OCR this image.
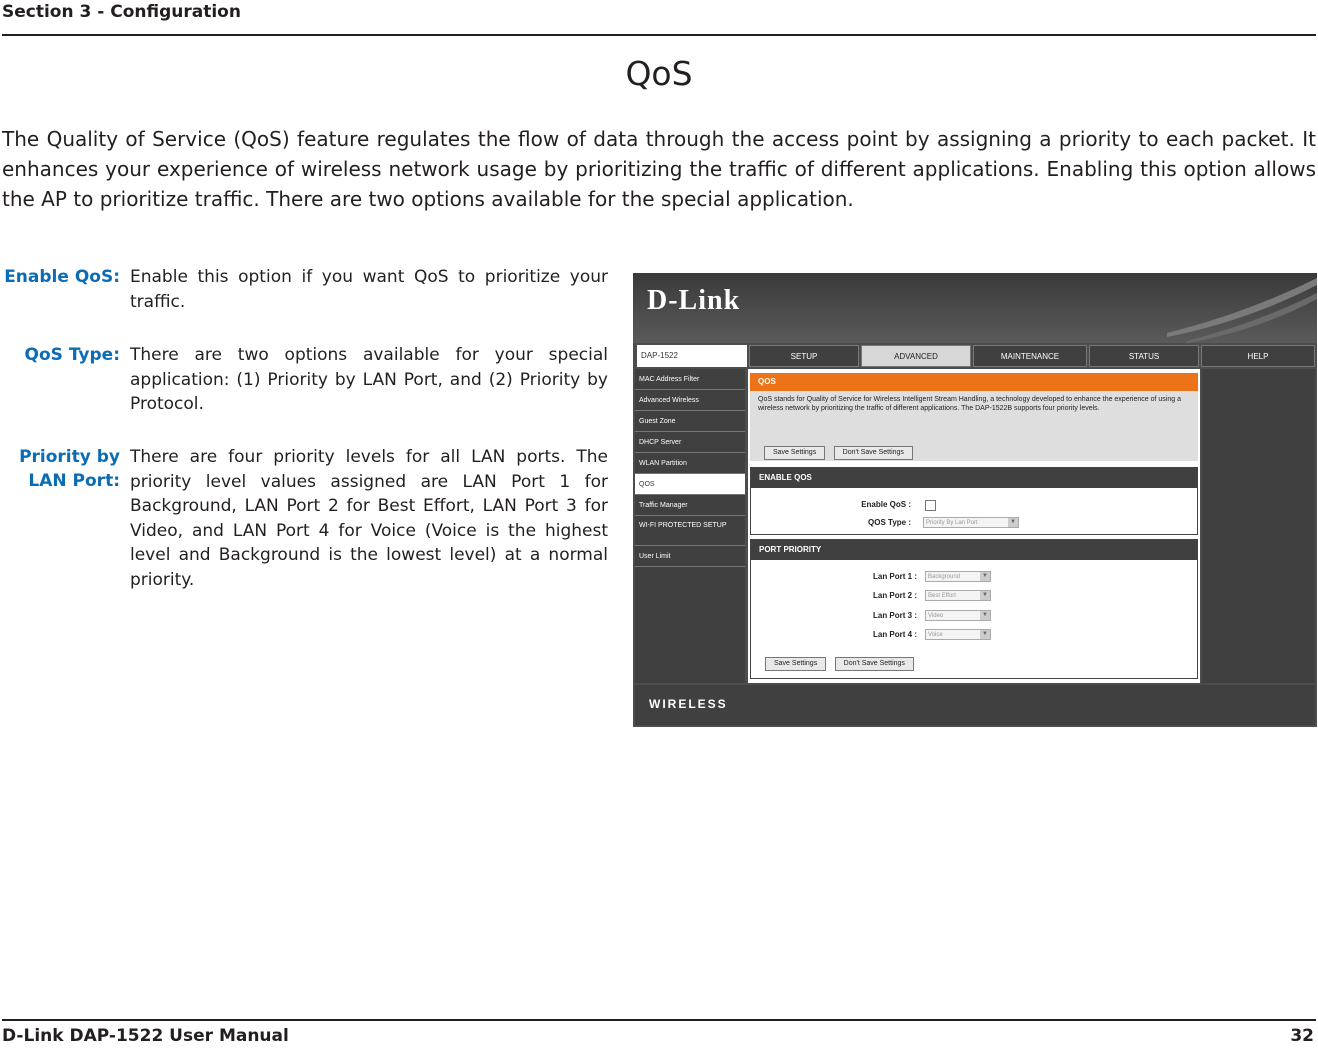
Section 3 - Configuration
QoS
The Quality of Service (QoS) feature regulates the flow of data through the access point by assigning a priority to each packet. It enhances your experience of wireless network usage by prioritizing the traffic of different applications. Enabling this option allows the AP to prioritize traffic. There are two options available for the special application.
Enable QoS: Enable this option if you want QoS to prioritize your traffic.
QoS Type: There are two options available for your special application: (1) Priority by LAN Port, and (2) Priority by Protocol.
Priority by LAN Port:
There are four priority levels for all LAN ports. The priority level values assigned are LAN Port 1 for Background, LAN Port 2 for Best Effort, LAN Port 3 for Video, and LAN Port 4 for Voice (Voice is the highest level and Background is the lowest level) at a normal priority.
D-Link
DAP-1522	SETUP	ADVANCED	MAINTENANCE	STATUS	HELP
MAC Address Filter
Advanced Wireless
Guest Zone
DHCP Server
WLAN Partition
QOS
Traffic Manager
WI-FI PROTECTED SETUP
User Limit
QOS
QoS stands for Quality of Service for Wireless Intelligent Stream Handling, a technology developed to enhance the experience of using a wireless network by prioritizing the traffic of different applications. The DAP-1522B supports four priority levels.
Save Settings	Don't Save Settings
ENABLE QOS
Enable QoS :
QOS Type :	Priority By Lan Port	▼
PORT PRIORITY
Lan Port 1 :	Background	▼
Lan Port 2 :	Best Effort	▼
Lan Port 3 :	Video	▼
Lan Port 4 :	Voice	▼
Save Settings	Don't Save Settings
WIRELESS
D-Link DAP-1522 User Manual	32
